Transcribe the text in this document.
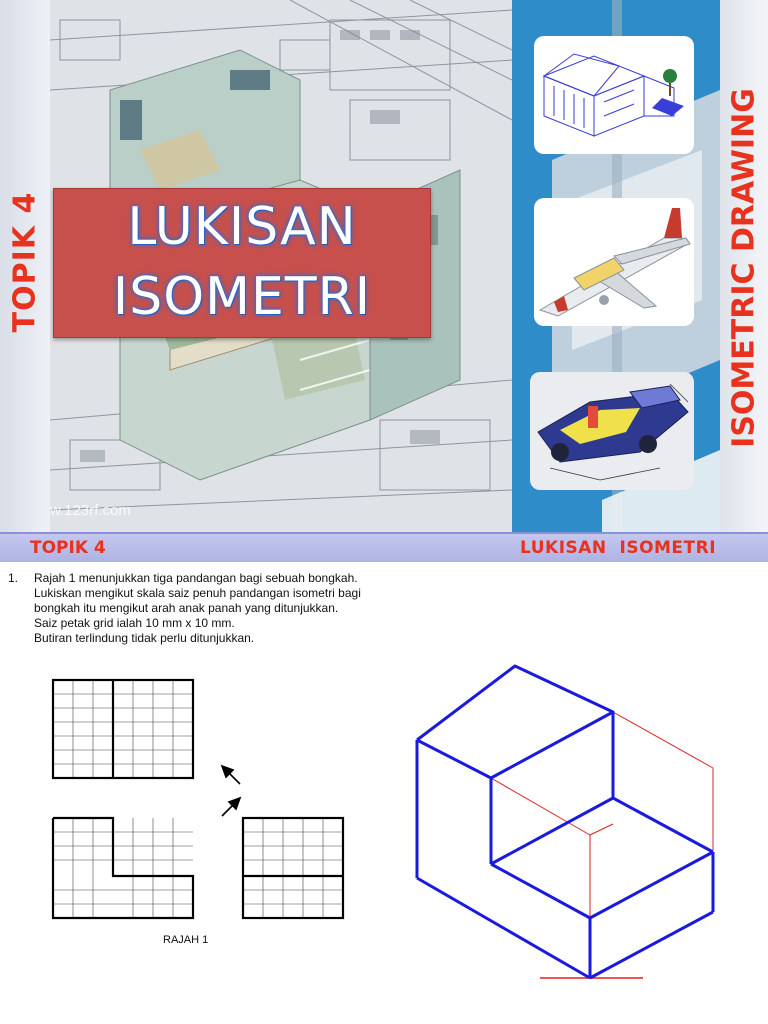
TOPIK 4	LUKISAN
ISOMETRI
w.123rf.com
ISOMETRIC DRAWING
TOPIK 4	LUKISAN  ISOMETRI
1. Rajah 1 menunjukkan tiga pandangan bagi sebuah bongkah.
Lukiskan mengikut skala saiz penuh pandangan isometri bagi
bongkah itu mengikut arah anak panah yang ditunjukkan.
Saiz petak grid ialah 10 mm x 10 mm.
Butiran terlindung tidak perlu ditunjukkan.
RAJAH 1
